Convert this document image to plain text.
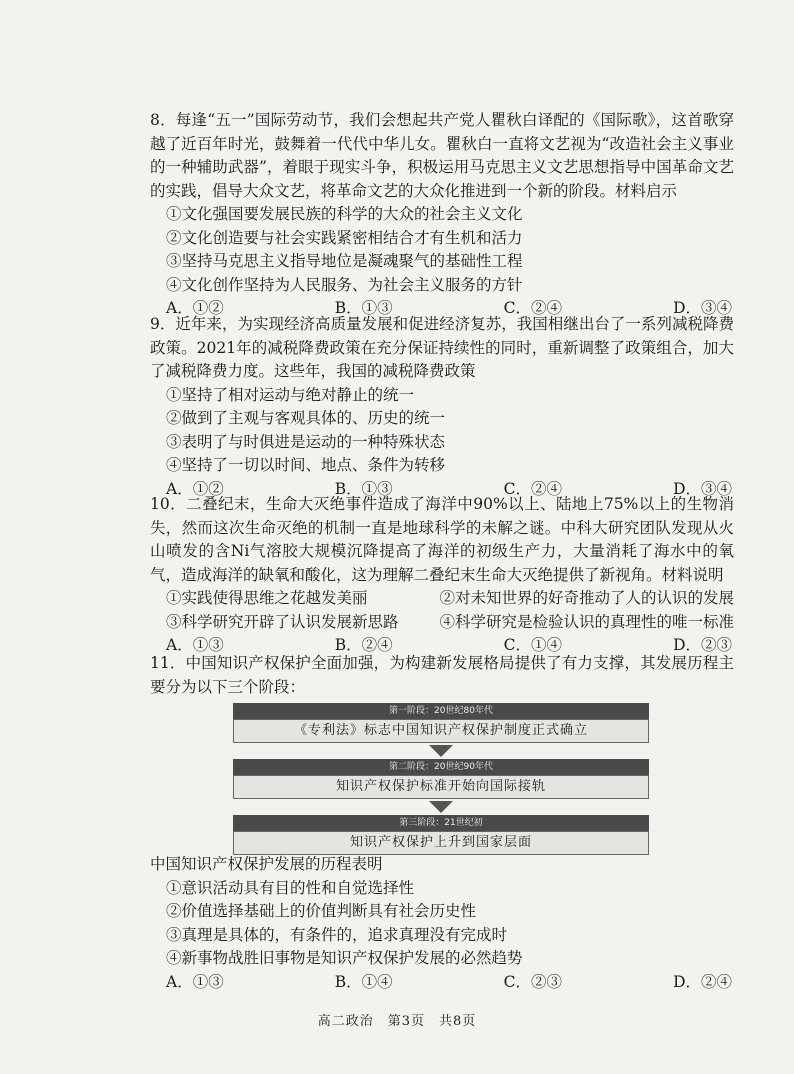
8．每逢“五一”国际劳动节，我们会想起共产党人瞿秋白译配的《国际歌》，这首歌穿越了近百年时光，鼓舞着一代代中华儿女。瞿秋白一直将文艺视为“改造社会主义事业的一种辅助武器”，着眼于现实斗争，积极运用马克思主义文艺思想指导中国革命文艺的实践，倡导大众文艺，将革命文艺的大众化推进到一个新的阶段。材料启示
①文化强国要发展民族的科学的大众的社会主义文化
②文化创造要与社会实践紧密相结合才有生机和活力
③坚持马克思主义指导地位是凝魂聚气的基础性工程
④文化创作坚持为人民服务、为社会主义服务的方针
A．①②	B．①③	C．②④	D．③④
9．近年来，为实现经济高质量发展和促进经济复苏，我国相继出台了一系列减税降费政策。2021年的减税降费政策在充分保证持续性的同时，重新调整了政策组合，加大了减税降费力度。这些年，我国的减税降费政策
①坚持了相对运动与绝对静止的统一
②做到了主观与客观具体的、历史的统一
③表明了与时俱进是运动的一种特殊状态
④坚持了一切以时间、地点、条件为转移
A．①②	B．①③	C．②④	D．③④
10．二叠纪末，生命大灭绝事件造成了海洋中90%以上、陆地上75%以上的生物消失，然而这次生命灭绝的机制一直是地球科学的未解之谜。中科大研究团队发现从火山喷发的含Ni气溶胶大规模沉降提高了海洋的初级生产力，大量消耗了海水中的氧气，造成海洋的缺氧和酸化，这为理解二叠纪末生命大灭绝提供了新视角。材料说明
①实践使得思维之花越发美丽	②对未知世界的好奇推动了人的认识的发展
③科学研究开辟了认识发展新思路	④科学研究是检验认识的真理性的唯一标准
A．①③	B．②④	C．①④	D．②③
11．中国知识产权保护全面加强，为构建新发展格局提供了有力支撑，其发展历程主要分为以下三个阶段：
第一阶段：20世纪80年代
《专利法》标志中国知识产权保护制度正式确立
第二阶段：20世纪90年代
知识产权保护标准开始向国际接轨
第三阶段：21世纪初
知识产权保护上升到国家层面
中国知识产权保护发展的历程表明
①意识活动具有目的性和自觉选择性
②价值选择基础上的价值判断具有社会历史性
③真理是具体的，有条件的，追求真理没有完成时
④新事物战胜旧事物是知识产权保护发展的必然趋势
A．①③	B．①④	C．②③	D．②④
高二政治　第3页　共8页
